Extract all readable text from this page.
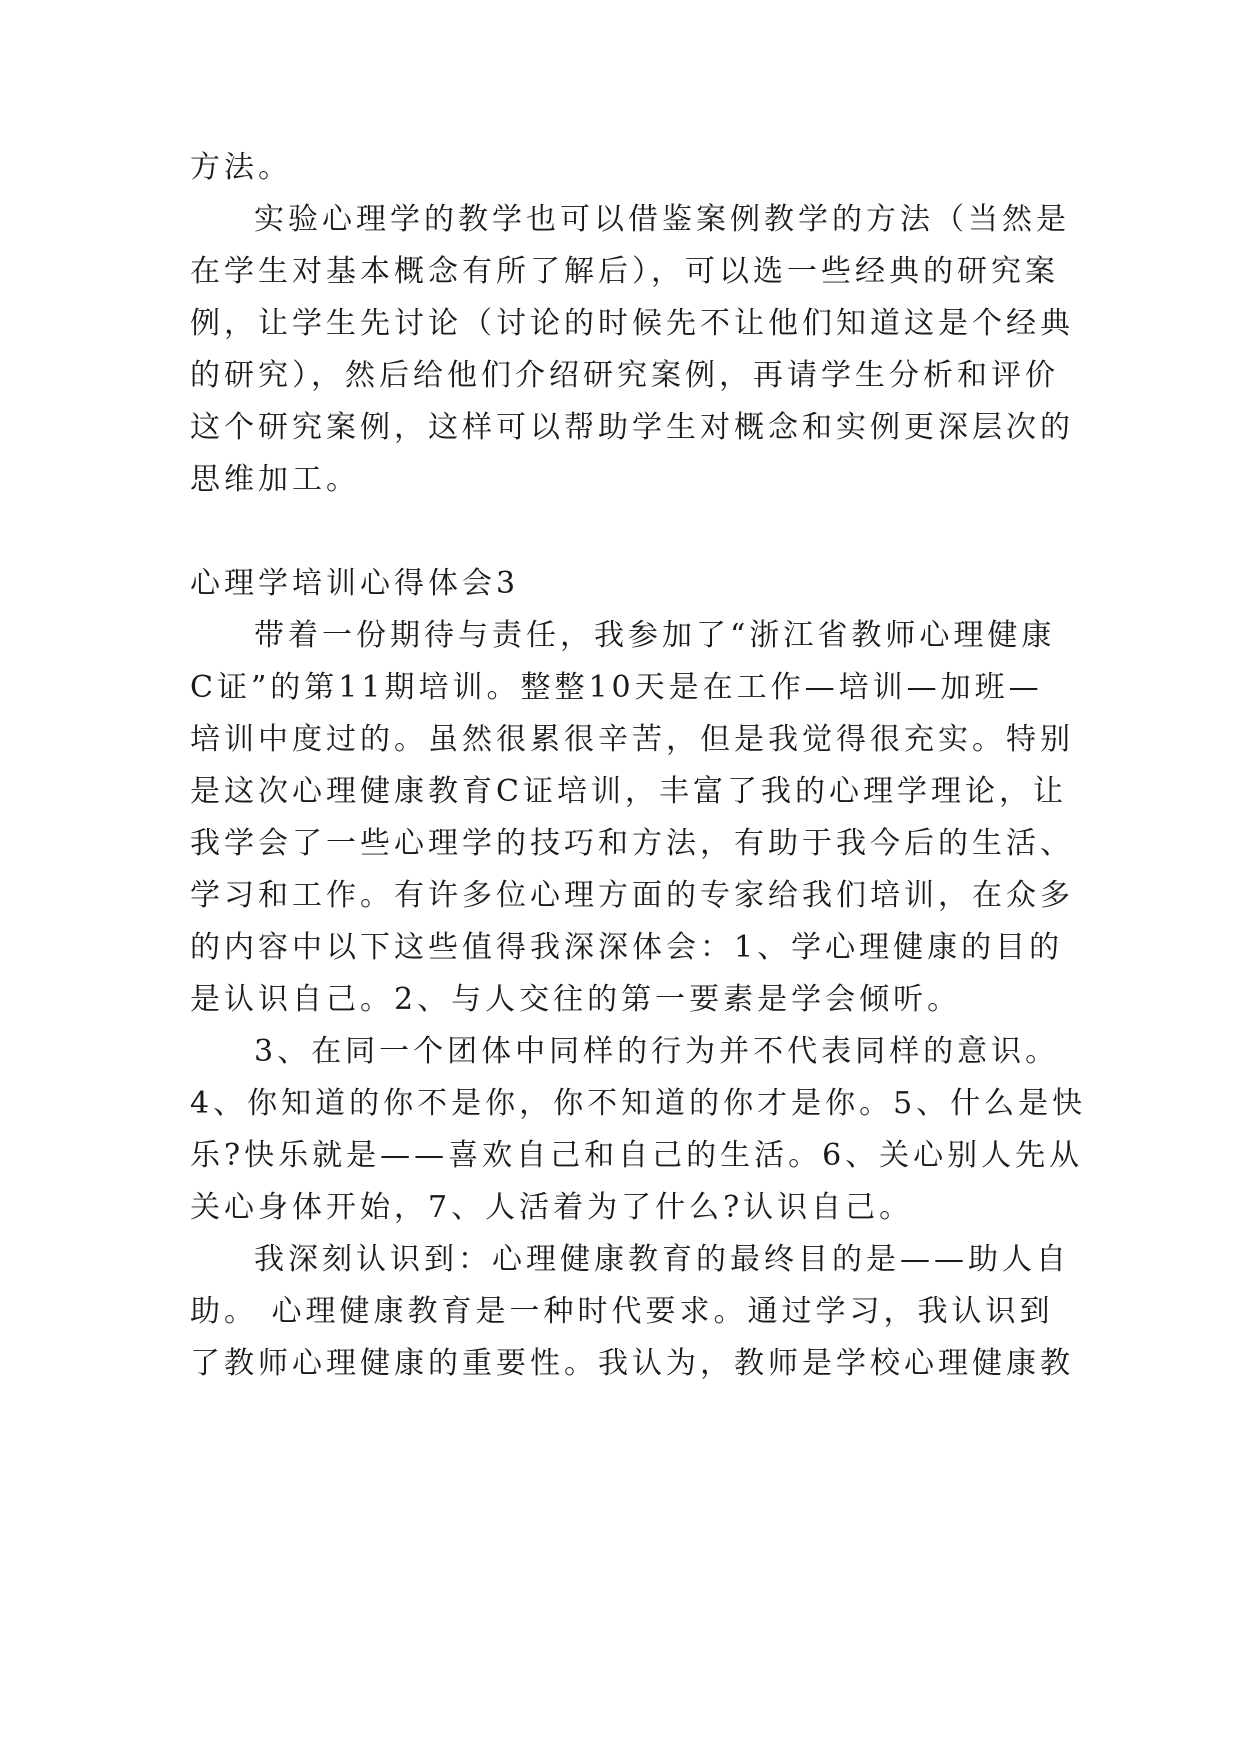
方法。
实验心理学的教学也可以借鉴案例教学的方法（当然是
在学生对基本概念有所了解后），可以选一些经典的研究案
例，让学生先讨论（讨论的时候先不让他们知道这是个经典
的研究），然后给他们介绍研究案例，再请学生分析和评价
这个研究案例，这样可以帮助学生对概念和实例更深层次的
思维加工。
心理学培训心得体会3
带着一份期待与责任，我参加了“浙江省教师心理健康
C证”的第11期培训。整整10天是在工作—培训—加班—
培训中度过的。虽然很累很辛苦，但是我觉得很充实。特别
是这次心理健康教育C证培训，丰富了我的心理学理论，让
我学会了一些心理学的技巧和方法，有助于我今后的生活、
学习和工作。有许多位心理方面的专家给我们培训，在众多
的内容中以下这些值得我深深体会：1、学心理健康的目的
是认识自己。2、与人交往的第一要素是学会倾听。
3、在同一个团体中同样的行为并不代表同样的意识。
4、你知道的你不是你，你不知道的你才是你。5、什么是快
乐?快乐就是——喜欢自己和自己的生活。6、关心别人先从
关心身体开始，7、人活着为了什么?认识自己。
我深刻认识到：心理健康教育的最终目的是——助人自
助。 心理健康教育是一种时代要求。通过学习，我认识到
了教师心理健康的重要性。我认为，教师是学校心理健康教
